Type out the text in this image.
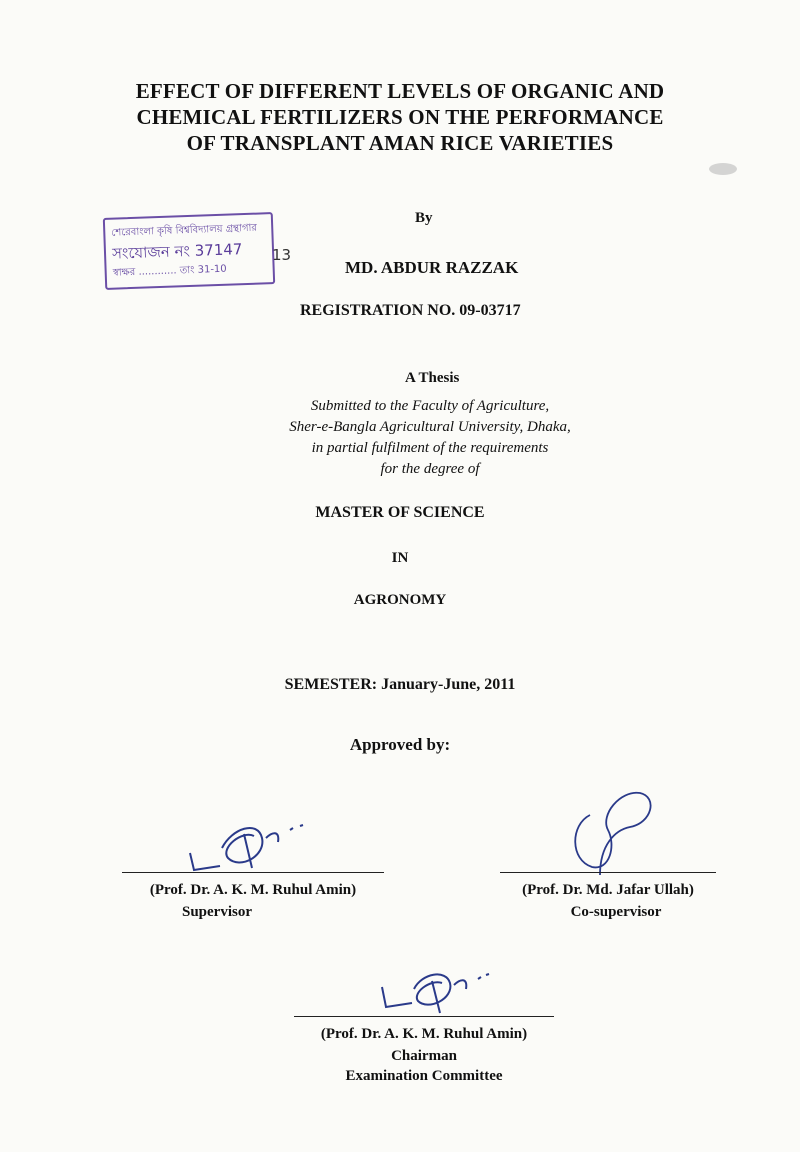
EFFECT OF DIFFERENT LEVELS OF ORGANIC AND CHEMICAL FERTILIZERS ON THE PERFORMANCE OF TRANSPLANT AMAN RICE VARIETIES
শেরেবাংলা কৃষি বিশ্ববিদ্যালয় গ্রন্থাগার
সংযোজন নং 37147
স্বাক্ষর ............ তাং 31-10
13
By
MD. ABDUR RAZZAK
REGISTRATION NO. 09-03717
A Thesis
Submitted to the Faculty of Agriculture,
Sher-e-Bangla Agricultural University, Dhaka,
in partial fulfilment of the requirements
for the degree of
MASTER OF SCIENCE
IN
AGRONOMY
SEMESTER: January-June, 2011
Approved by:
(Prof. Dr. A. K. M. Ruhul Amin)
Supervisor
(Prof. Dr. Md. Jafar Ullah)
Co-supervisor
(Prof. Dr. A. K. M. Ruhul Amin)
Chairman
Examination Committee
